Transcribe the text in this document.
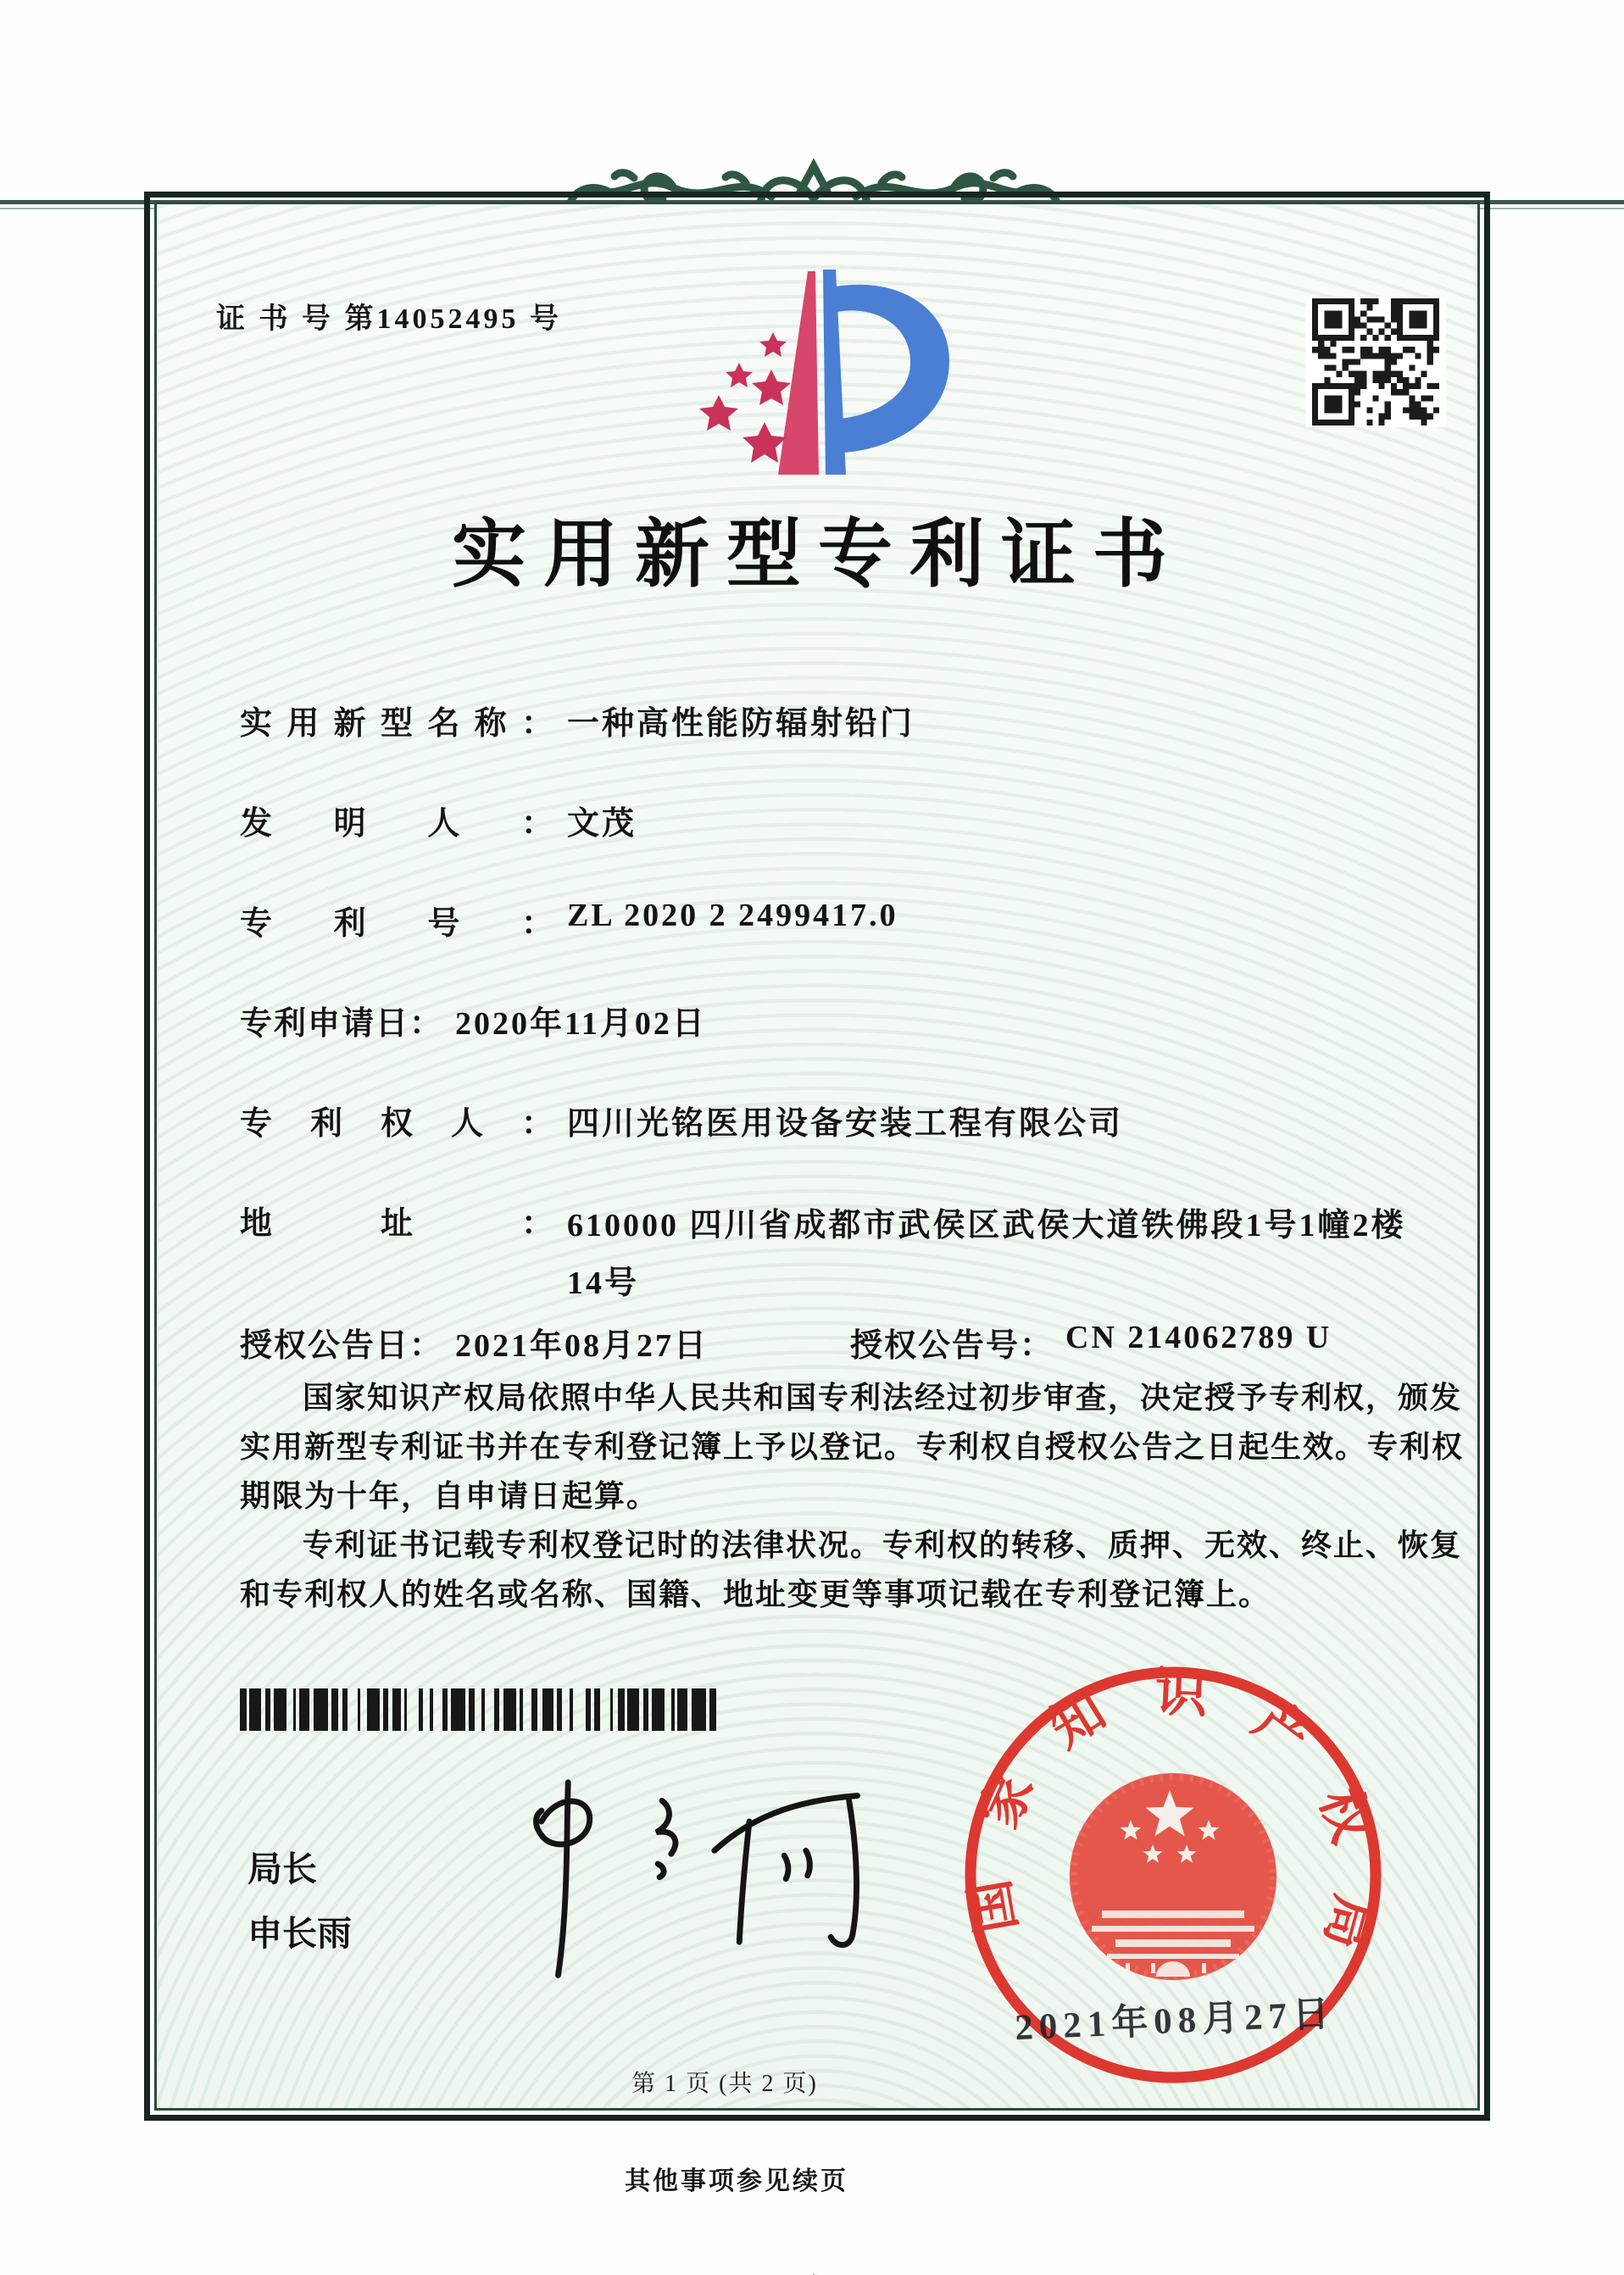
证 书 号 第14052495 号
实用新型专利证书
实用新型名称： 一种高性能防辐射铅门
发明人： 文茂
专利号： ZL 2020 2 2499417.0
专利申请日： 2020年11月02日
专利权人： 四川光铭医用设备安装工程有限公司
地址： 610000 四川省成都市武侯区武侯大道铁佛段1号1幢2楼14号
授权公告日： 2021年08月27日	授权公告号： CN 214062789 U

国家知识产权局依照中华人民共和国专利法经过初步审查，决定授予专利权，颁发实用新型专利证书并在专利登记簿上予以登记。专利权自授权公告之日起生效。专利权期限为十年，自申请日起算。

专利证书记载专利权登记时的法律状况。专利权的转移、质押、无效、终止、恢复和专利权人的姓名或名称、国籍、地址变更等事项记载在专利登记簿上。

局长
申长雨	国家知识产权局
2021年08月27日
第 1 页 (共 2 页)
其他事项参见续页
